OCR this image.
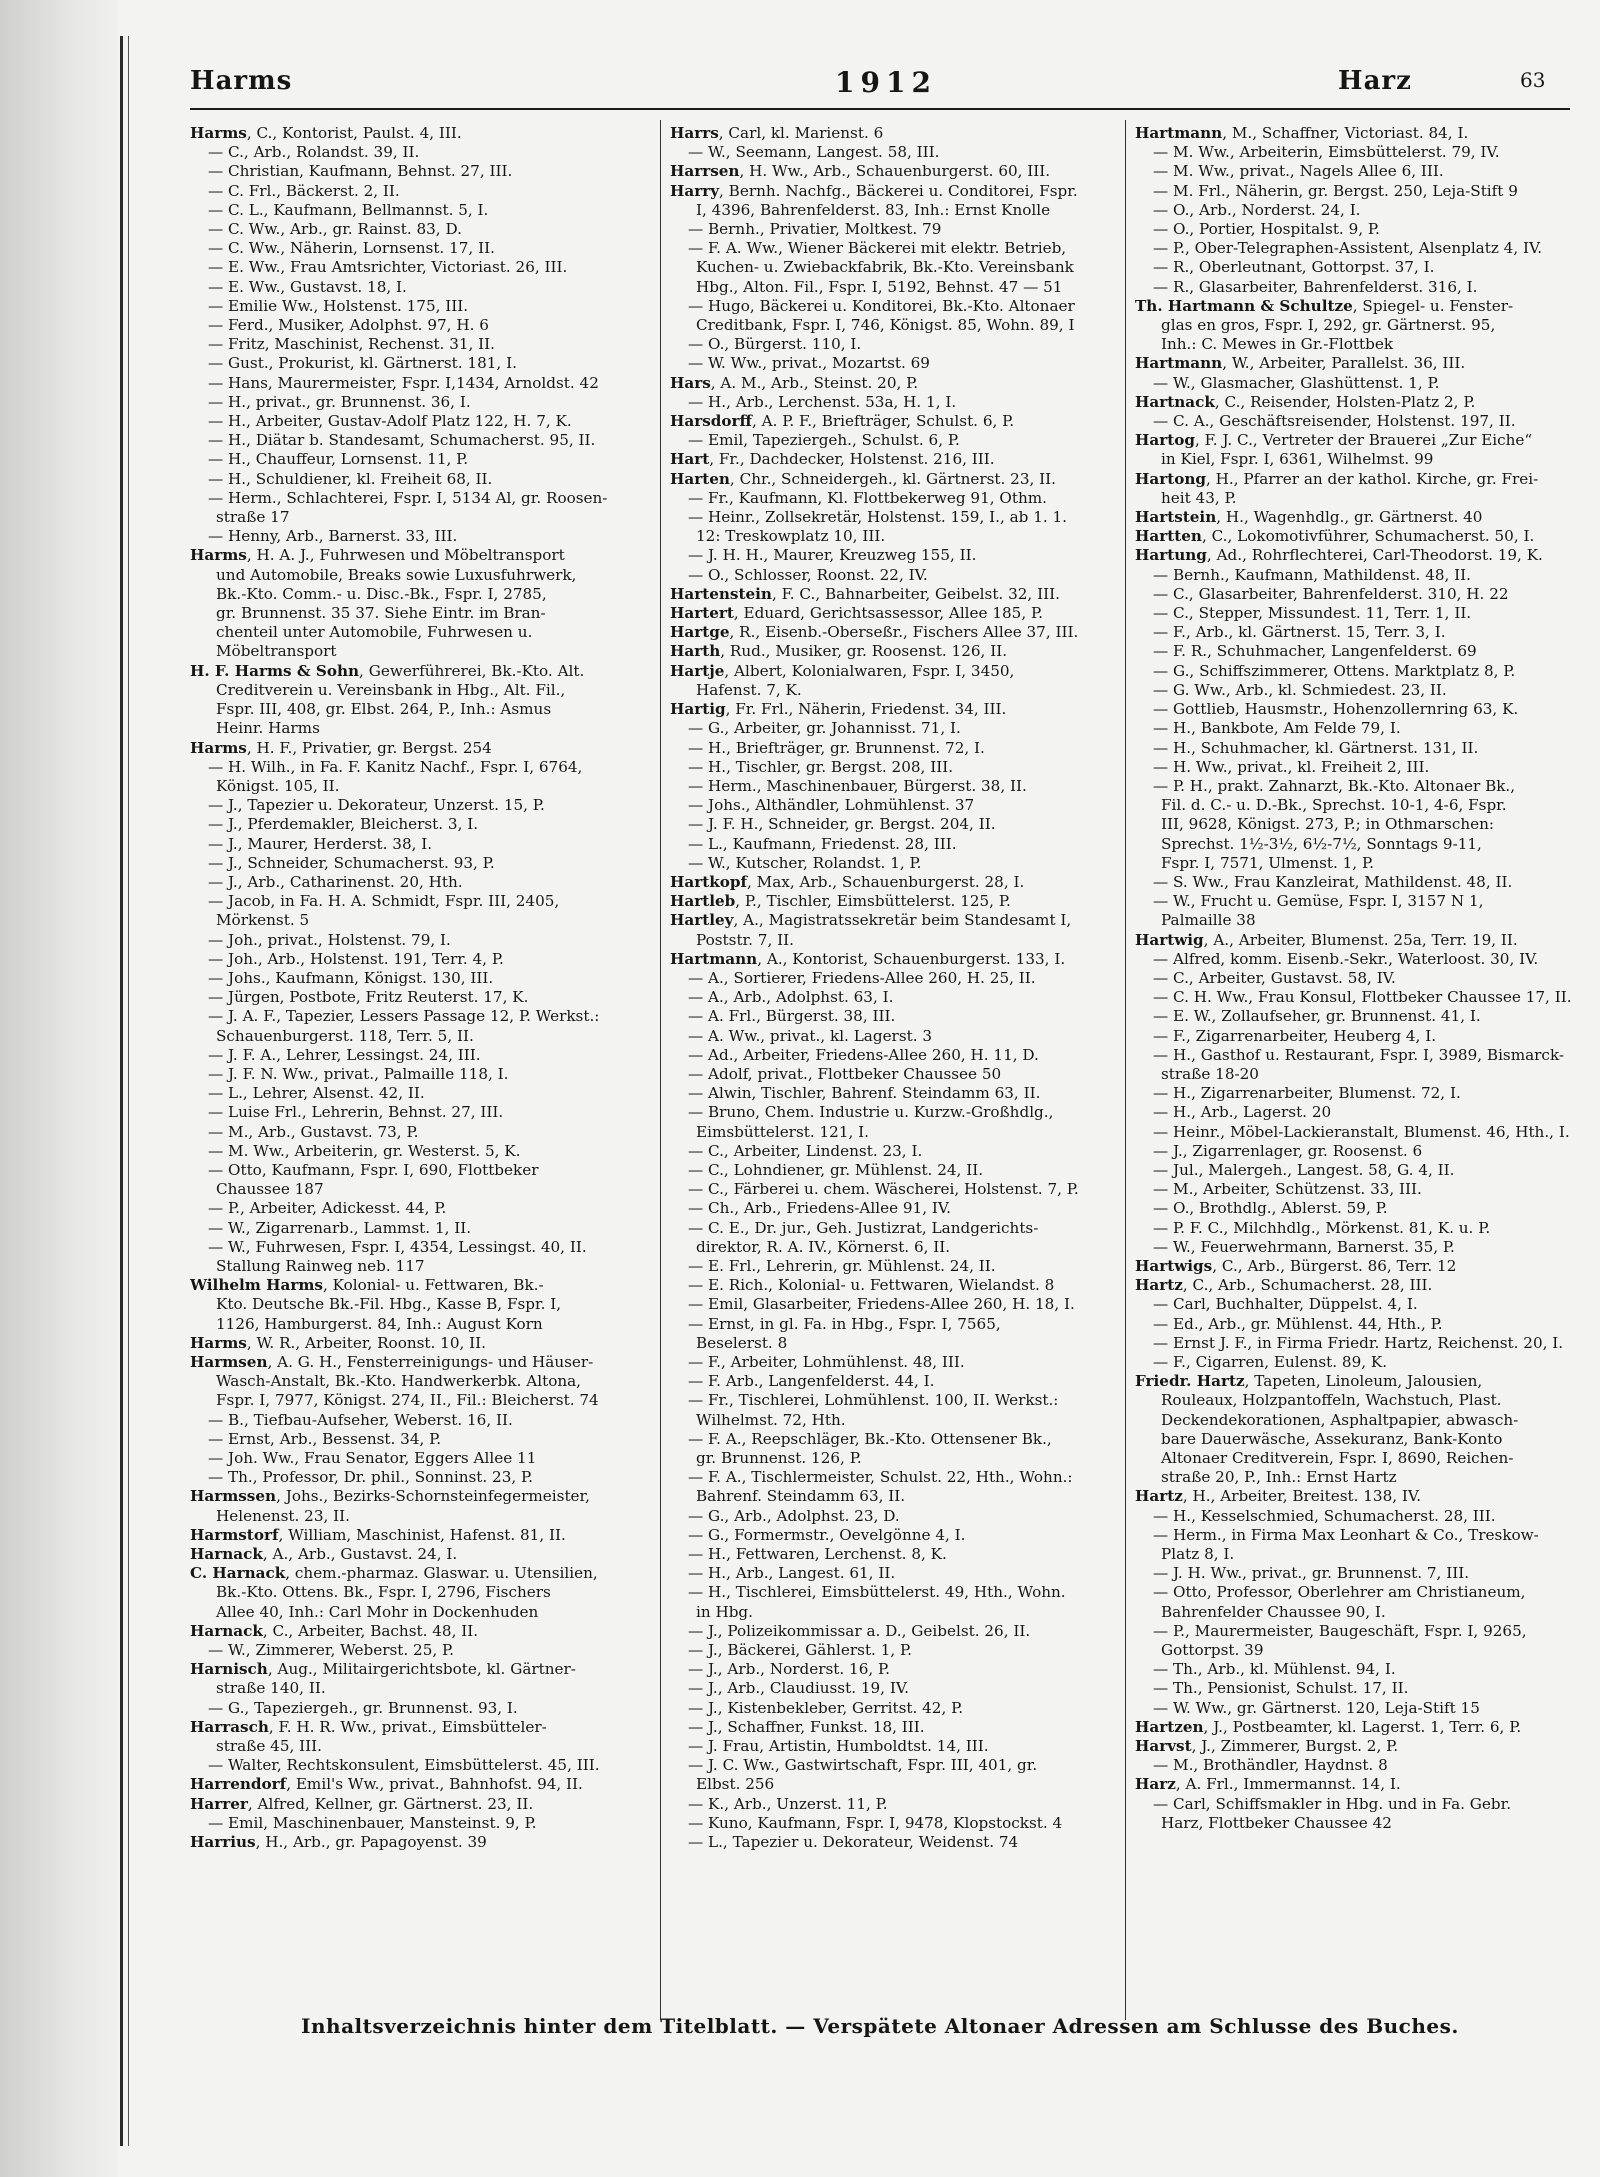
Harms	1912	Harz	63

Harms, C., Kontorist, Paulst. 4, III.

— C., Arb., Rolandst. 39, II.

— Christian, Kaufmann, Behnst. 27, III.

— C. Frl., Bäckerst. 2, II.

— C. L., Kaufmann, Bellmannst. 5, I.

— C. Ww., Arb., gr. Rainst. 83, D.

— C. Ww., Näherin, Lornsenst. 17, II.

— E. Ww., Frau Amtsrichter, Victoriast. 26, III.

— E. Ww., Gustavst. 18, I.

— Emilie Ww., Holstenst. 175, III.

— Ferd., Musiker, Adolphst. 97, H. 6

— Fritz, Maschinist, Rechenst. 31, II.

— Gust., Prokurist, kl. Gärtnerst. 181, I.

— Hans, Maurermeister, Fspr. I,1434, Arnoldst. 42

— H., privat., gr. Brunnenst. 36, I.

— H., Arbeiter, Gustav-Adolf Platz 122, H. 7, K.

— H., Diätar b. Standesamt, Schumacherst. 95, II.

— H., Chauffeur, Lornsenst. 11, P.

— H., Schuldiener, kl. Freiheit 68, II.

— Herm., Schlachterei, Fspr. I, 5134 Al, gr. Roosen-

straße 17

— Henny, Arb., Barnerst. 33, III.

Harms, H. A. J., Fuhrwesen und Möbeltransport

und Automobile, Breaks sowie Luxusfuhrwerk,

Bk.-Kto. Comm.- u. Disc.-Bk., Fspr. I, 2785,

gr. Brunnenst. 35 37. Siehe Eintr. im Bran-

chenteil unter Automobile, Fuhrwesen u.

Möbeltransport

H. F. Harms & Sohn, Gewerführerei, Bk.-Kto. Alt.

Creditverein u. Vereinsbank in Hbg., Alt. Fil.,

Fspr. III, 408, gr. Elbst. 264, P., Inh.: Asmus

Heinr. Harms

Harms, H. F., Privatier, gr. Bergst. 254

— H. Wilh., in Fa. F. Kanitz Nachf., Fspr. I, 6764,

Königst. 105, II.

— J., Tapezier u. Dekorateur, Unzerst. 15, P.

— J., Pferdemakler, Bleicherst. 3, I.

— J., Maurer, Herderst. 38, I.

— J., Schneider, Schumacherst. 93, P.

— J., Arb., Catharinenst. 20, Hth.

— Jacob, in Fa. H. A. Schmidt, Fspr. III, 2405,

Mörkenst. 5

— Joh., privat., Holstenst. 79, I.

— Joh., Arb., Holstenst. 191, Terr. 4, P.

— Johs., Kaufmann, Königst. 130, III.

— Jürgen, Postbote, Fritz Reuterst. 17, K.

— J. A. F., Tapezier, Lessers Passage 12, P. Werkst.:

Schauenburgerst. 118, Terr. 5, II.

— J. F. A., Lehrer, Lessingst. 24, III.

— J. F. N. Ww., privat., Palmaille 118, I.

— L., Lehrer, Alsenst. 42, II.

— Luise Frl., Lehrerin, Behnst. 27, III.

— M., Arb., Gustavst. 73, P.

— M. Ww., Arbeiterin, gr. Westerst. 5, K.

— Otto, Kaufmann, Fspr. I, 690, Flottbeker

Chaussee 187

— P., Arbeiter, Adickesst. 44, P.

— W., Zigarrenarb., Lammst. 1, II.

— W., Fuhrwesen, Fspr. I, 4354, Lessingst. 40, II.

Stallung Rainweg neb. 117

Wilhelm Harms, Kolonial- u. Fettwaren, Bk.-

Kto. Deutsche Bk.-Fil. Hbg., Kasse B, Fspr. I,

1126, Hamburgerst. 84, Inh.: August Korn

Harms, W. R., Arbeiter, Roonst. 10, II.

Harmsen, A. G. H., Fensterreinigungs- und Häuser-

Wasch-Anstalt, Bk.-Kto. Handwerkerbk. Altona,

Fspr. I, 7977, Königst. 274, II., Fil.: Bleicherst. 74

— B., Tiefbau-Aufseher, Weberst. 16, II.

— Ernst, Arb., Bessenst. 34, P.

— Joh. Ww., Frau Senator, Eggers Allee 11

— Th., Professor, Dr. phil., Sonninst. 23, P.

Harmssen, Johs., Bezirks-Schornsteinfegermeister,

Helenenst. 23, II.

Harmstorf, William, Maschinist, Hafenst. 81, II.

Harnack, A., Arb., Gustavst. 24, I.

C. Harnack, chem.-pharmaz. Glaswar. u. Utensilien,

Bk.-Kto. Ottens. Bk., Fspr. I, 2796, Fischers

Allee 40, Inh.: Carl Mohr in Dockenhuden

Harnack, C., Arbeiter, Bachst. 48, II.

— W., Zimmerer, Weberst. 25, P.

Harnisch, Aug., Militairgerichtsbote, kl. Gärtner-

straße 140, II.

— G., Tapeziergeh., gr. Brunnenst. 93, I.

Harrasch, F. H. R. Ww., privat., Eimsbütteler-

straße 45, III.

— Walter, Rechtskonsulent, Eimsbüttelerst. 45, III.

Harrendorf, Emil's Ww., privat., Bahnhofst. 94, II.

Harrer, Alfred, Kellner, gr. Gärtnerst. 23, II.

— Emil, Maschinenbauer, Mansteinst. 9, P.

Harrius, H., Arb., gr. Papagoyenst. 39

Harrs, Carl, kl. Marienst. 6

— W., Seemann, Langest. 58, III.

Harrsen, H. Ww., Arb., Schauenburgerst. 60, III.

Harry, Bernh. Nachfg., Bäckerei u. Conditorei, Fspr.

I, 4396, Bahrenfelderst. 83, Inh.: Ernst Knolle

— Bernh., Privatier, Moltkest. 79

— F. A. Ww., Wiener Bäckerei mit elektr. Betrieb,

Kuchen- u. Zwiebackfabrik, Bk.-Kto. Vereinsbank

Hbg., Alton. Fil., Fspr. I, 5192, Behnst. 47 — 51

— Hugo, Bäckerei u. Konditorei, Bk.-Kto. Altonaer

Creditbank, Fspr. I, 746, Königst. 85, Wohn. 89, I

— O., Bürgerst. 110, I.

— W. Ww., privat., Mozartst. 69

Hars, A. M., Arb., Steinst. 20, P.

— H., Arb., Lerchenst. 53a, H. 1, I.

Harsdorff, A. P. F., Briefträger, Schulst. 6, P.

— Emil, Tapeziergeh., Schulst. 6, P.

Hart, Fr., Dachdecker, Holstenst. 216, III.

Harten, Chr., Schneidergeh., kl. Gärtnerst. 23, II.

— Fr., Kaufmann, Kl. Flottbekerweg 91, Othm.

— Heinr., Zollsekretär, Holstenst. 159, I., ab 1. 1.

12: Treskowplatz 10, III.

— J. H. H., Maurer, Kreuzweg 155, II.

— O., Schlosser, Roonst. 22, IV.

Hartenstein, F. C., Bahnarbeiter, Geibelst. 32, III.

Hartert, Eduard, Gerichtsassessor, Allee 185, P.

Hartge, R., Eisenb.-Oberseßr., Fischers Allee 37, III.

Harth, Rud., Musiker, gr. Roosenst. 126, II.

Hartje, Albert, Kolonialwaren, Fspr. I, 3450,

Hafenst. 7, K.

Hartig, Fr. Frl., Näherin, Friedenst. 34, III.

— G., Arbeiter, gr. Johannisst. 71, I.

— H., Briefträger, gr. Brunnenst. 72, I.

— H., Tischler, gr. Bergst. 208, III.

— Herm., Maschinenbauer, Bürgerst. 38, II.

— Johs., Althändler, Lohmühlenst. 37

— J. F. H., Schneider, gr. Bergst. 204, II.

— L., Kaufmann, Friedenst. 28, III.

— W., Kutscher, Rolandst. 1, P.

Hartkopf, Max, Arb., Schauenburgerst. 28, I.

Hartleb, P., Tischler, Eimsbüttelerst. 125, P.

Hartley, A., Magistratssekretär beim Standesamt I,

Poststr. 7, II.

Hartmann, A., Kontorist, Schauenburgerst. 133, I.

— A., Sortierer, Friedens-Allee 260, H. 25, II.

— A., Arb., Adolphst. 63, I.

— A. Frl., Bürgerst. 38, III.

— A. Ww., privat., kl. Lagerst. 3

— Ad., Arbeiter, Friedens-Allee 260, H. 11, D.

— Adolf, privat., Flottbeker Chaussee 50

— Alwin, Tischler, Bahrenf. Steindamm 63, II.

— Bruno, Chem. Industrie u. Kurzw.-Großhdlg.,

Eimsbüttelerst. 121, I.

— C., Arbeiter, Lindenst. 23, I.

— C., Lohndiener, gr. Mühlenst. 24, II.

— C., Färberei u. chem. Wäscherei, Holstenst. 7, P.

— Ch., Arb., Friedens-Allee 91, IV.

— C. E., Dr. jur., Geh. Justizrat, Landgerichts-

direktor, R. A. IV., Körnerst. 6, II.

— E. Frl., Lehrerin, gr. Mühlenst. 24, II.

— E. Rich., Kolonial- u. Fettwaren, Wielandst. 8

— Emil, Glasarbeiter, Friedens-Allee 260, H. 18, I.

— Ernst, in gl. Fa. in Hbg., Fspr. I, 7565,

Beselerst. 8

— F., Arbeiter, Lohmühlenst. 48, III.

— F. Arb., Langenfelderst. 44, I.

— Fr., Tischlerei, Lohmühlenst. 100, II. Werkst.:

Wilhelmst. 72, Hth.

— F. A., Reepschläger, Bk.-Kto. Ottensener Bk.,

gr. Brunnenst. 126, P.

— F. A., Tischlermeister, Schulst. 22, Hth., Wohn.:

Bahrenf. Steindamm 63, II.

— G., Arb., Adolphst. 23, D.

— G., Formermstr., Oevelgönne 4, I.

— H., Fettwaren, Lerchenst. 8, K.

— H., Arb., Langest. 61, II.

— H., Tischlerei, Eimsbüttelerst. 49, Hth., Wohn.

in Hbg.

— J., Polizeikommissar a. D., Geibelst. 26, II.

— J., Bäckerei, Gählerst. 1, P.

— J., Arb., Norderst. 16, P.

— J., Arb., Claudiusst. 19, IV.

— J., Kistenbekleber, Gerritst. 42, P.

— J., Schaffner, Funkst. 18, III.

— J. Frau, Artistin, Humboldtst. 14, III.

— J. C. Ww., Gastwirtschaft, Fspr. III, 401, gr.

Elbst. 256

— K., Arb., Unzerst. 11, P.

— Kuno, Kaufmann, Fspr. I, 9478, Klopstockst. 4

— L., Tapezier u. Dekorateur, Weidenst. 74

Hartmann, M., Schaffner, Victoriast. 84, I.

— M. Ww., Arbeiterin, Eimsbüttelerst. 79, IV.

— M. Ww., privat., Nagels Allee 6, III.

— M. Frl., Näherin, gr. Bergst. 250, Leja-Stift 9

— O., Arb., Norderst. 24, I.

— O., Portier, Hospitalst. 9, P.

— P., Ober-Telegraphen-Assistent, Alsenplatz 4, IV.

— R., Oberleutnant, Gottorpst. 37, I.

— R., Glasarbeiter, Bahrenfelderst. 316, I.

Th. Hartmann & Schultze, Spiegel- u. Fenster-

glas en gros, Fspr. I, 292, gr. Gärtnerst. 95,

Inh.: C. Mewes in Gr.-Flottbek

Hartmann, W., Arbeiter, Parallelst. 36, III.

— W., Glasmacher, Glashüttenst. 1, P.

Hartnack, C., Reisender, Holsten-Platz 2, P.

— C. A., Geschäftsreisender, Holstenst. 197, II.

Hartog, F. J. C., Vertreter der Brauerei „Zur Eiche“

in Kiel, Fspr. I, 6361, Wilhelmst. 99

Hartong, H., Pfarrer an der kathol. Kirche, gr. Frei-

heit 43, P.

Hartstein, H., Wagenhdlg., gr. Gärtnerst. 40

Hartten, C., Lokomotivführer, Schumacherst. 50, I.

Hartung, Ad., Rohrflechterei, Carl-Theodorst. 19, K.

— Bernh., Kaufmann, Mathildenst. 48, II.

— C., Glasarbeiter, Bahrenfelderst. 310, H. 22

— C., Stepper, Missundest. 11, Terr. 1, II.

— F., Arb., kl. Gärtnerst. 15, Terr. 3, I.

— F. R., Schuhmacher, Langenfelderst. 69

— G., Schiffszimmerer, Ottens. Marktplatz 8, P.

— G. Ww., Arb., kl. Schmiedest. 23, II.

— Gottlieb, Hausmstr., Hohenzollernring 63, K.

— H., Bankbote, Am Felde 79, I.

— H., Schuhmacher, kl. Gärtnerst. 131, II.

— H. Ww., privat., kl. Freiheit 2, III.

— P. H., prakt. Zahnarzt, Bk.-Kto. Altonaer Bk.,

Fil. d. C.- u. D.-Bk., Sprechst. 10-1, 4-6, Fspr.

III, 9628, Königst. 273, P.; in Othmarschen:

Sprechst. 1½-3½, 6½-7½, Sonntags 9-11,

Fspr. I, 7571, Ulmenst. 1, P.

— S. Ww., Frau Kanzleirat, Mathildenst. 48, II.

— W., Frucht u. Gemüse, Fspr. I, 3157 N 1,

Palmaille 38

Hartwig, A., Arbeiter, Blumenst. 25a, Terr. 19, II.

— Alfred, komm. Eisenb.-Sekr., Waterloost. 30, IV.

— C., Arbeiter, Gustavst. 58, IV.

— C. H. Ww., Frau Konsul, Flottbeker Chaussee 17, II.

— E. W., Zollaufseher, gr. Brunnenst. 41, I.

— F., Zigarrenarbeiter, Heuberg 4, I.

— H., Gasthof u. Restaurant, Fspr. I, 3989, Bismarck-

straße 18-20

— H., Zigarrenarbeiter, Blumenst. 72, I.

— H., Arb., Lagerst. 20

— Heinr., Möbel-Lackieranstalt, Blumenst. 46, Hth., I.

— J., Zigarrenlager, gr. Roosenst. 6

— Jul., Malergeh., Langest. 58, G. 4, II.

— M., Arbeiter, Schützenst. 33, III.

— O., Brothdlg., Ablerst. 59, P.

— P. F. C., Milchhdlg., Mörkenst. 81, K. u. P.

— W., Feuerwehrmann, Barnerst. 35, P.

Hartwigs, C., Arb., Bürgerst. 86, Terr. 12

Hartz, C., Arb., Schumacherst. 28, III.

— Carl, Buchhalter, Düppelst. 4, I.

— Ed., Arb., gr. Mühlenst. 44, Hth., P.

— Ernst J. F., in Firma Friedr. Hartz, Reichenst. 20, I.

— F., Cigarren, Eulenst. 89, K.

Friedr. Hartz, Tapeten, Linoleum, Jalousien,

Rouleaux, Holzpantoffeln, Wachstuch, Plast.

Deckendekorationen, Asphaltpapier, abwasch-

bare Dauerwäsche, Assekuranz, Bank-Konto

Altonaer Creditverein, Fspr. I, 8690, Reichen-

straße 20, P., Inh.: Ernst Hartz

Hartz, H., Arbeiter, Breitest. 138, IV.

— H., Kesselschmied, Schumacherst. 28, III.

— Herm., in Firma Max Leonhart & Co., Treskow-

Platz 8, I.

— J. H. Ww., privat., gr. Brunnenst. 7, III.

— Otto, Professor, Oberlehrer am Christianeum,

Bahrenfelder Chaussee 90, I.

— P., Maurermeister, Baugeschäft, Fspr. I, 9265,

Gottorpst. 39

— Th., Arb., kl. Mühlenst. 94, I.

— Th., Pensionist, Schulst. 17, II.

— W. Ww., gr. Gärtnerst. 120, Leja-Stift 15

Hartzen, J., Postbeamter, kl. Lagerst. 1, Terr. 6, P.

Harvst, J., Zimmerer, Burgst. 2, P.

— M., Brothändler, Haydnst. 8

Harz, A. Frl., Immermannst. 14, I.

— Carl, Schiffsmakler in Hbg. und in Fa. Gebr.

Harz, Flottbeker Chaussee 42

Inhaltsverzeichnis hinter dem Titelblatt. — Verspätete Altonaer Adressen am Schlusse des Buches.
